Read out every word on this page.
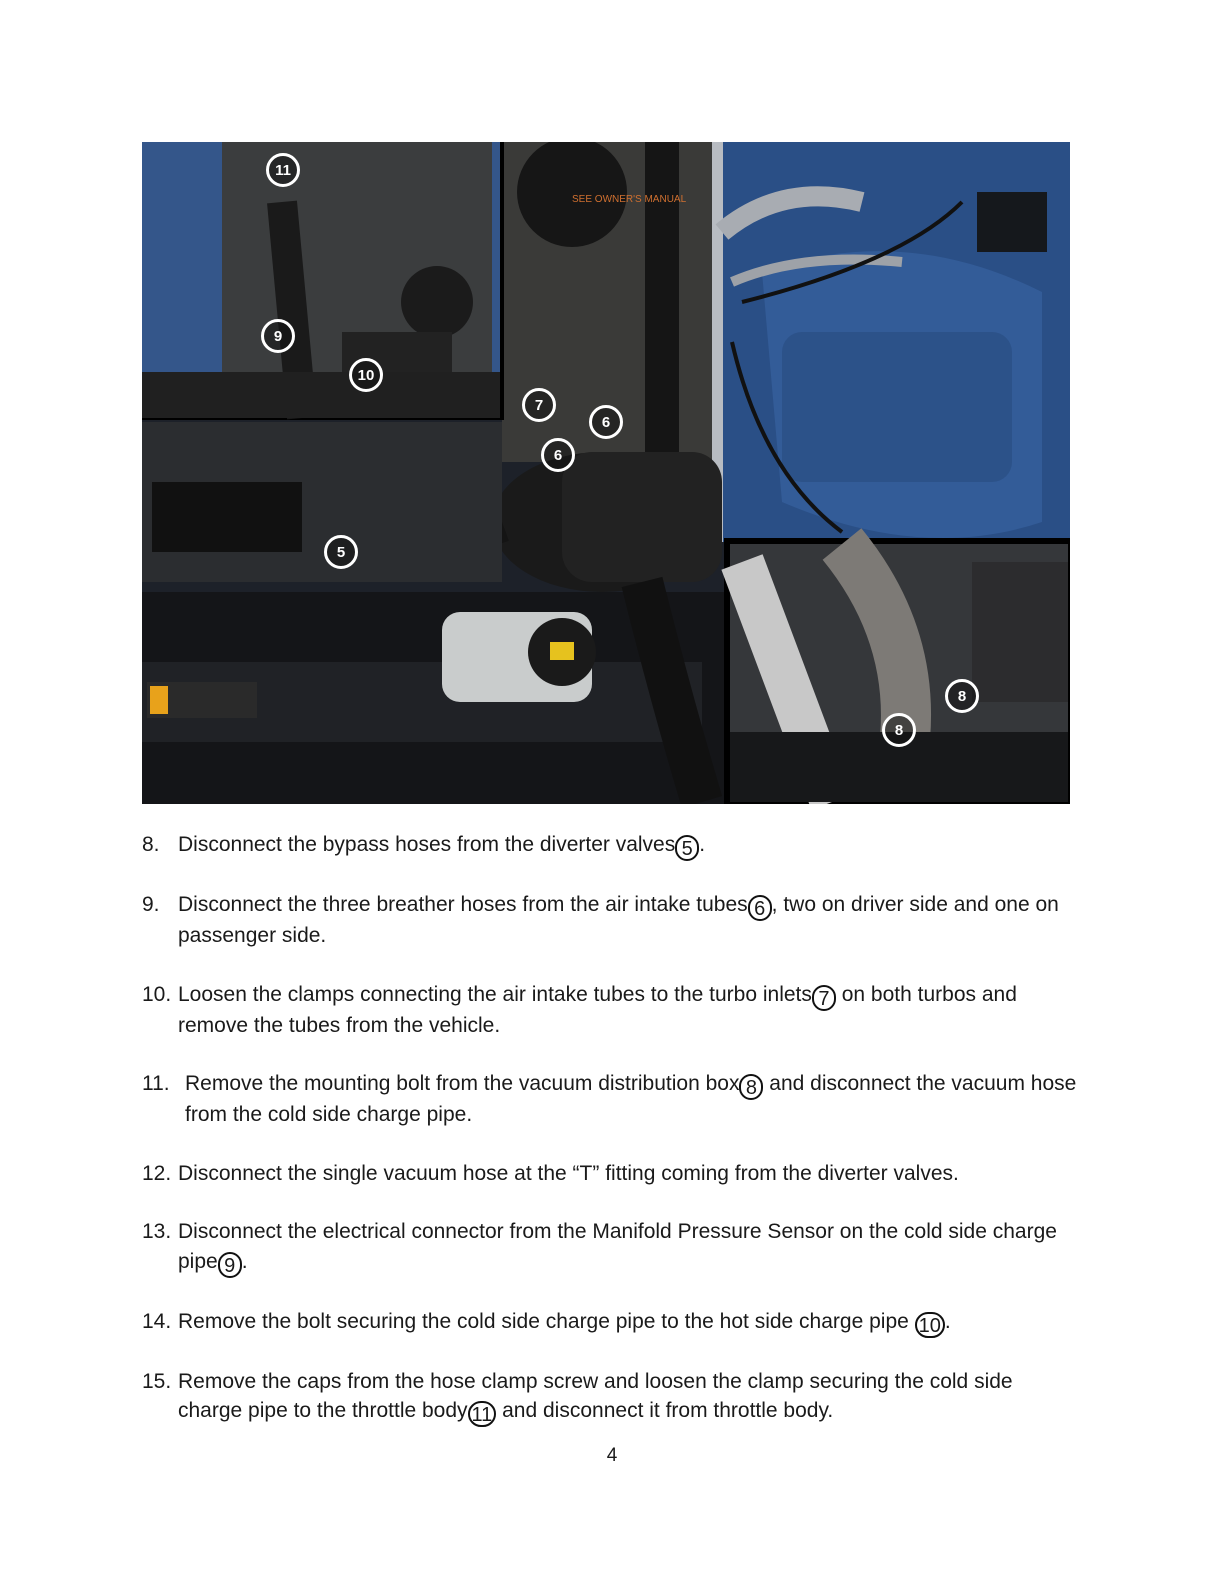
SEE OWNER'S MANUAL
7
6
6
5
11
9
10
8
8
8. Disconnect the bypass hoses from the diverter valves 5 .
9. Disconnect the three breather hoses from the air intake tubes 6 , two on driver side and one on passenger side.
10. Loosen the clamps connecting the air intake tubes to the turbo inlets 7 on both turbos and remove the tubes from the vehicle.
11. Remove the mounting bolt from the vacuum distribution box 8 and disconnect the vacuum hose from the cold side charge pipe.
12. Disconnect the single vacuum hose at the “T” fitting coming from the diverter valves.
13. Disconnect the electrical connector from the Manifold Pressure Sensor on the cold side charge pipe 9 .
14. Remove the bolt securing the cold side charge pipe to the hot side charge pipe 10 .
15. Remove the caps from the hose clamp screw and loosen the clamp securing the cold side charge pipe to the throttle body 11 and disconnect it from throttle body.
4
